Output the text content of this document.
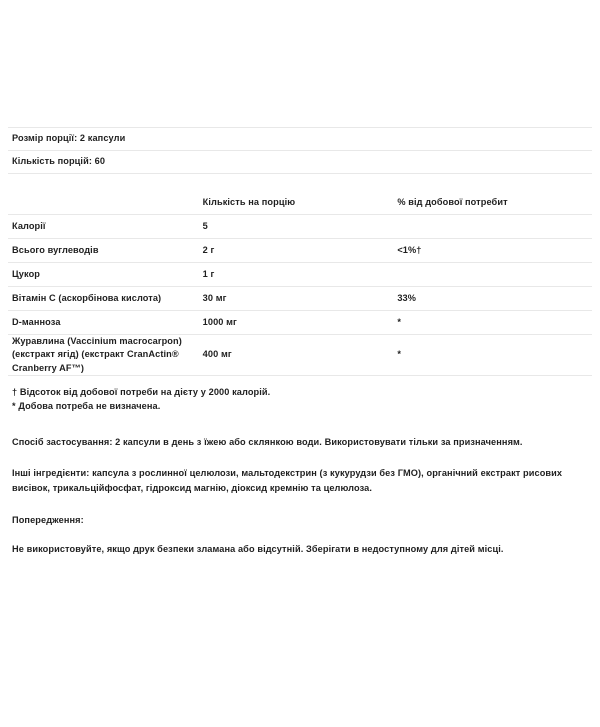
Розмір порції: 2 капсули		
Кількість порцій: 60		

	Кількість на порцію	% від добової потребит
Калорії	5	
Всього вуглеводів	2 г	<1%†
Цукор	1 г	
Вітамін C (аскорбінова кислота)	30 мг	33%
D-манноза	1000 мг	*
Журавлина (Vaccinium macrocarpon) (екстракт ягід) (екстракт CranActin® Cranberry AF™)	400 мг	*
† Відсоток від добової потреби на дієту у 2000 калорій.
* Добова потреба не визначена.
Спосіб застосування: 2 капсули в день з їжею або склянкою води. Використовувати тільки за призначенням.
Інші інгредієнти: капсула з рослинної целюлози, мальтодекстрин (з кукурудзи без ГМО), органічний екстракт рисових висівок, трикальційфосфат, гідроксид магнію, діоксид кремнію та целюлоза.
Попередження:
Не використовуйте, якщо друк безпеки зламана або відсутній. Зберігати в недоступному для дітей місці.
